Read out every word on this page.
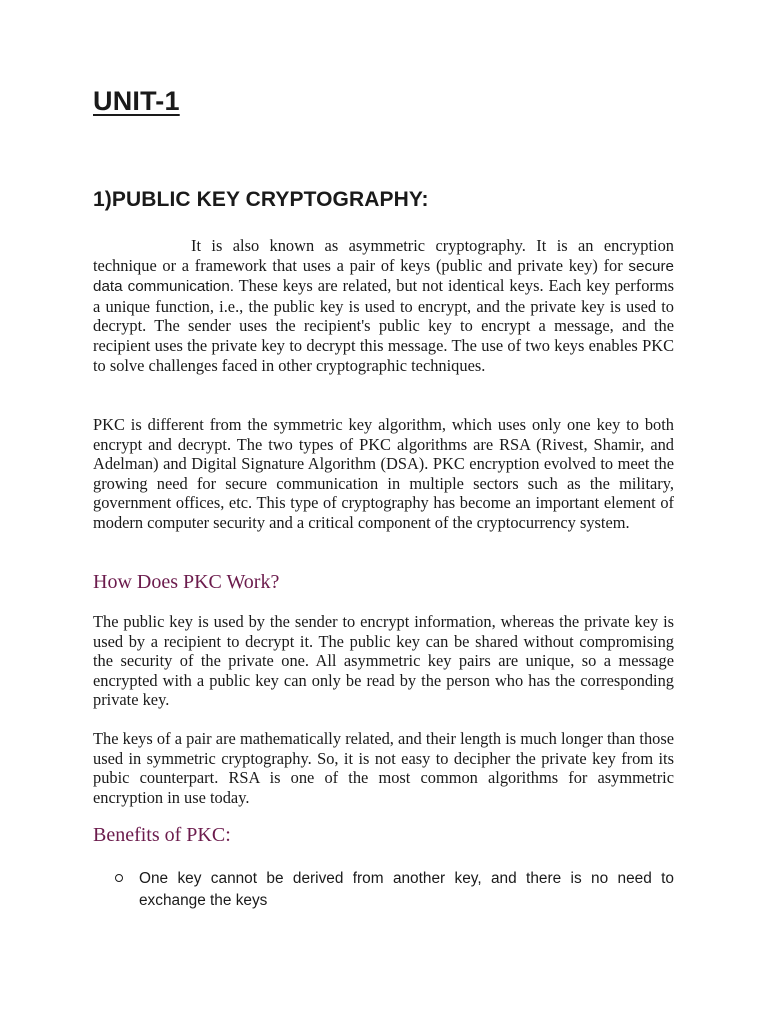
UNIT-1
1)PUBLIC KEY CRYPTOGRAPHY:

It is also known as asymmetric cryptography. It is an encryption technique or a framework that uses a pair of keys (public and private key) for secure data communication. These keys are related, but not identical keys. Each key performs a unique function, i.e., the public key is used to encrypt, and the private key is used to decrypt. The sender uses the recipient's public key to encrypt a message, and the recipient uses the private key to decrypt this message. The use of two keys enables PKC to solve challenges faced in other cryptographic techniques.

PKC is different from the symmetric key algorithm, which uses only one key to both encrypt and decrypt. The two types of PKC algorithms are RSA (Rivest, Shamir, and Adelman) and Digital Signature Algorithm (DSA). PKC encryption evolved to meet the growing need for secure communication in multiple sectors such as the military, government offices, etc. This type of cryptography has become an important element of modern computer security and a critical component of the cryptocurrency system.

How Does PKC Work?

The public key is used by the sender to encrypt information, whereas the private key is used by a recipient to decrypt it. The public key can be shared without compromising the security of the private one. All asymmetric key pairs are unique, so a message encrypted with a public key can only be read by the person who has the corresponding private key.

The keys of a pair are mathematically related, and their length is much longer than those used in symmetric cryptography. So, it is not easy to decipher the private key from its pubic counterpart. RSA is one of the most common algorithms for asymmetric encryption in use today.

Benefits of PKC:
One key cannot be derived from another key, and there is no need to exchange the keys
